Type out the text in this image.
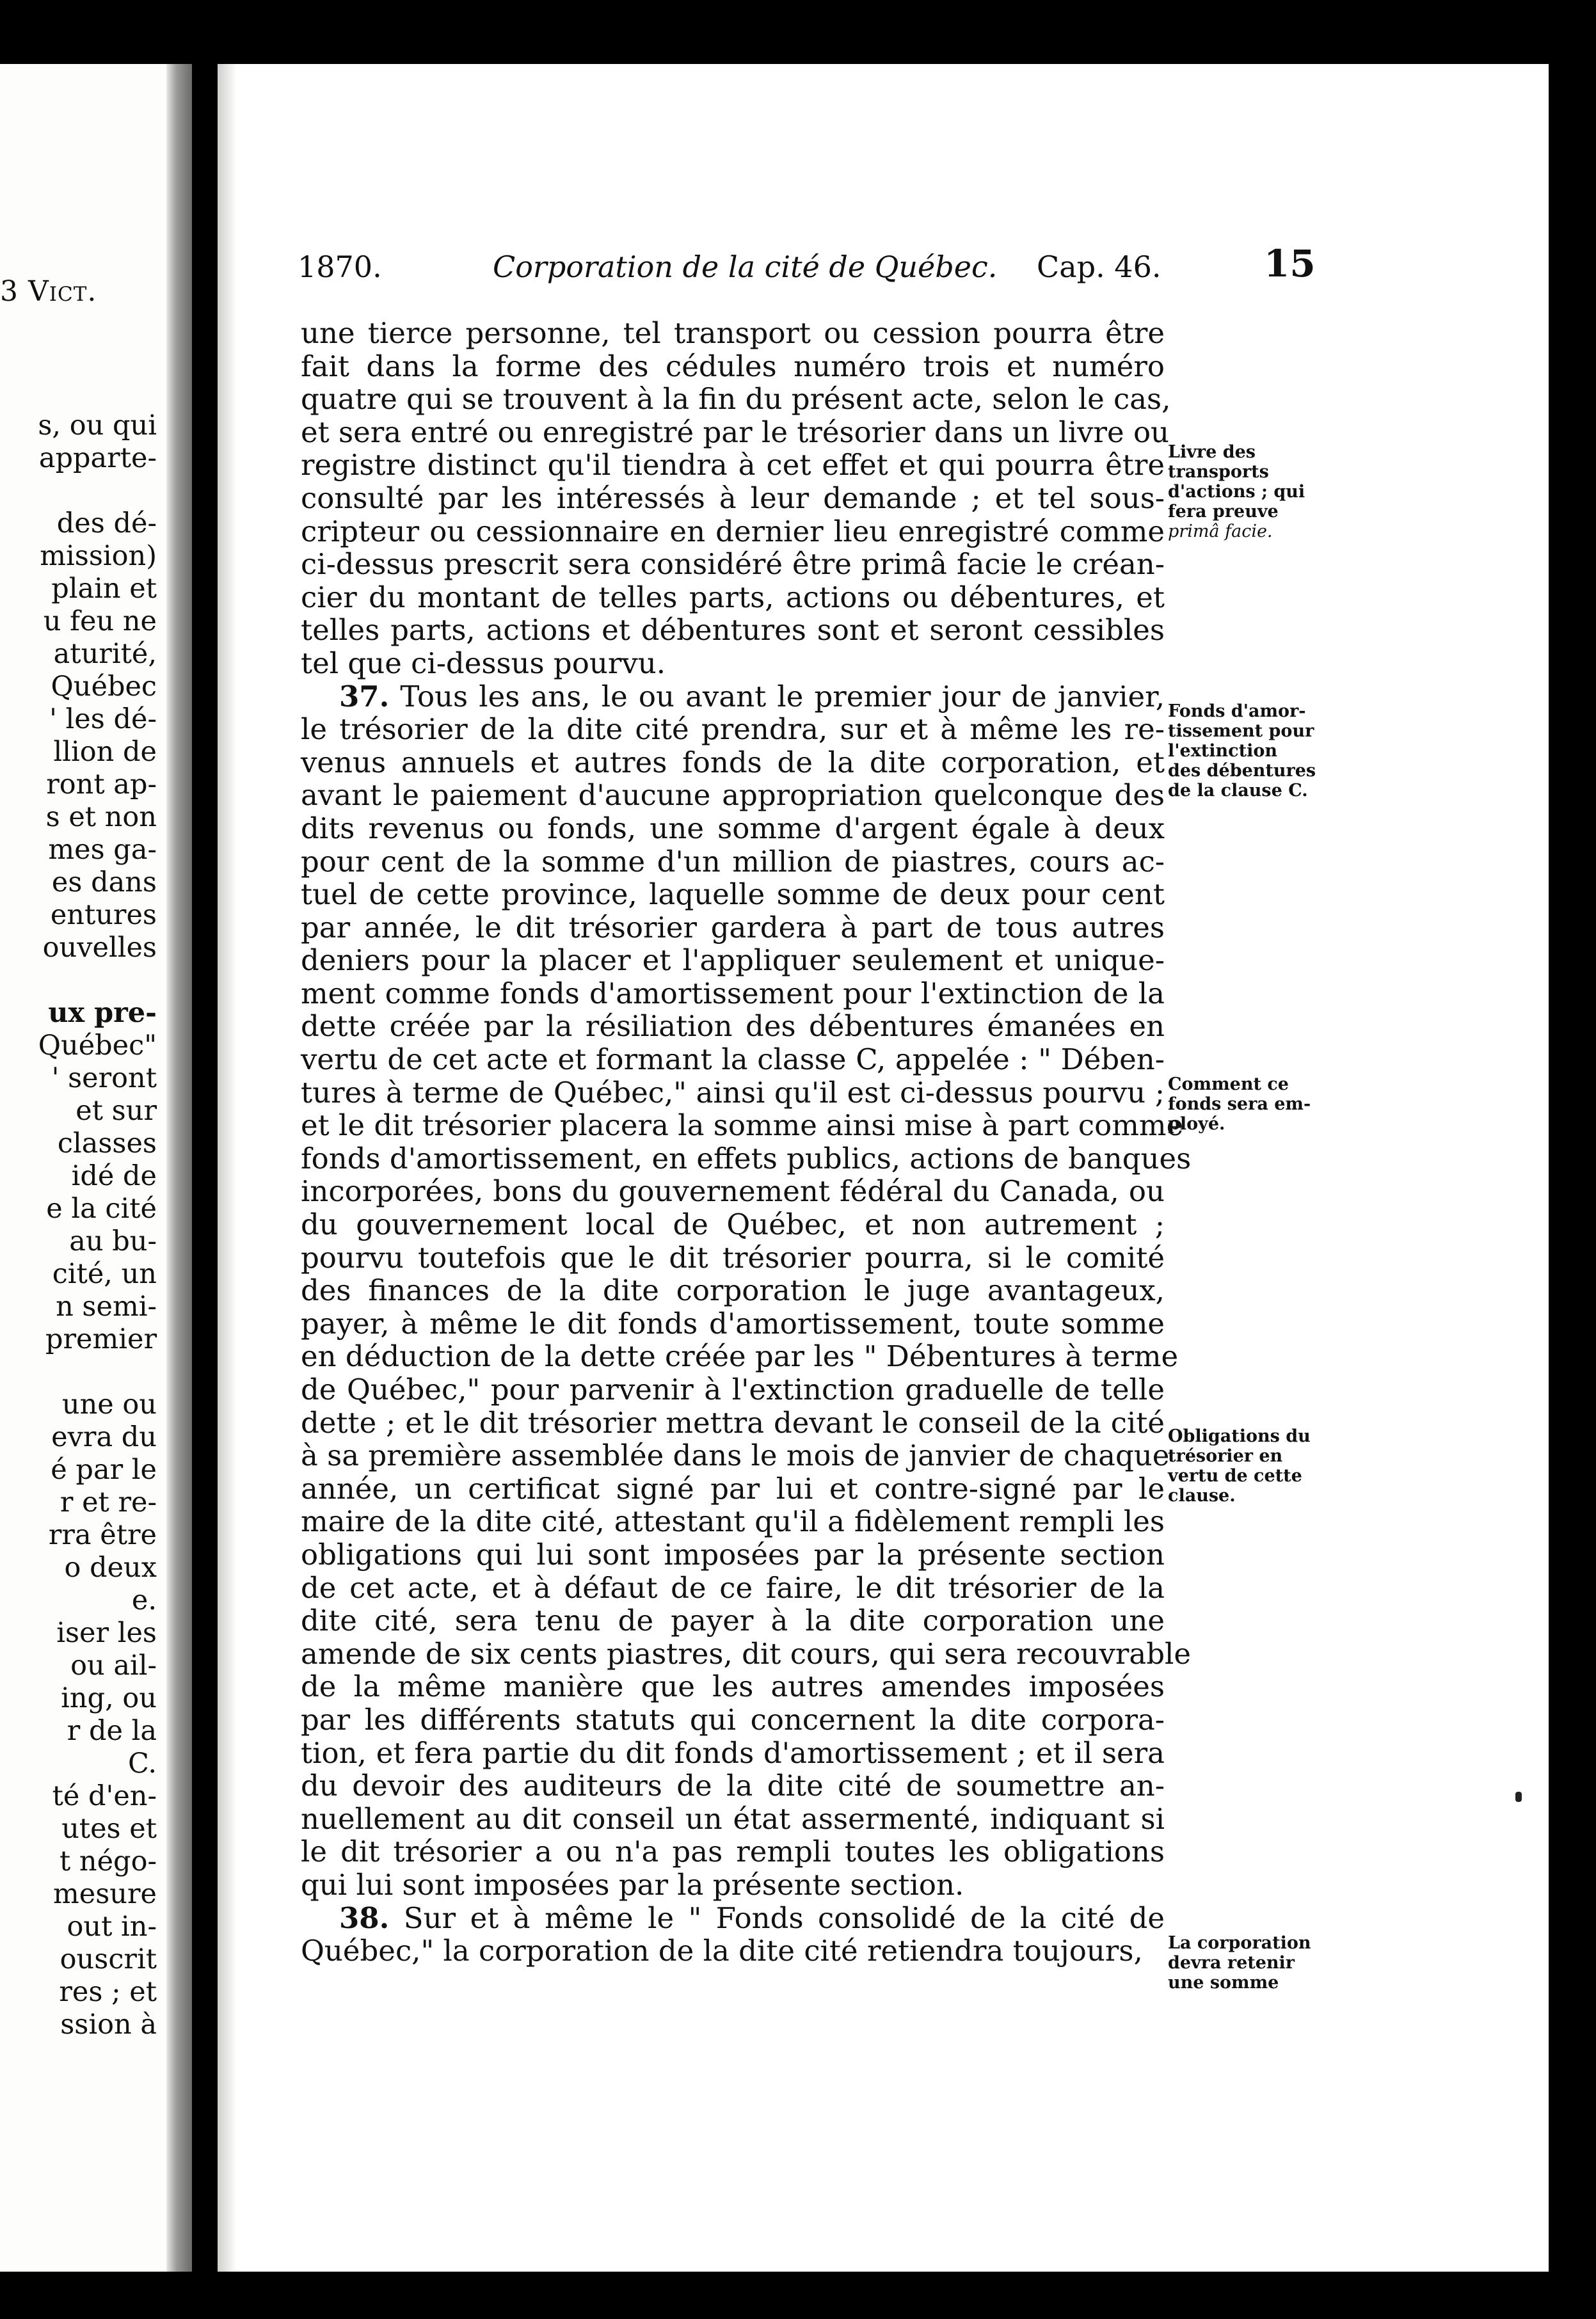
3 Vict.
s, ou qui
apparte-
des dé-
mission)
plain et
u feu ne
aturité,
Québec
' les dé-
llion de
ront ap-
s et non
mes ga-
es dans
entures
ouvelles
ux pre-
Québec"
' seront
et sur
classes
idé de
e la cité
au bu-
cité, un
n semi-
premier
une ou
evra du
é par le
r et re-
rra être
o deux
e.
iser les
ou ail-
ing, ou
r de la
C.
té d'en-
utes et
t négo-
mesure
out in-
ouscrit
res ; et
ssion à
1870.	Corporation de la cité de Québec. Cap. 46.	15
une tierce personne, tel transport ou cession pourra être
fait dans la forme des cédules numéro trois et numéro
quatre qui se trouvent à la fin du présent acte, selon le cas,
et sera entré ou enregistré par le trésorier dans un livre ou
registre distinct qu'il tiendra à cet effet et qui pourra être
consulté par les intéressés à leur demande ; et tel sous-
cripteur ou cessionnaire en dernier lieu enregistré comme
ci-dessus prescrit sera considéré être primâ facie le créan-
cier du montant de telles parts, actions ou débentures, et
telles parts, actions et débentures sont et seront cessibles
tel que ci-dessus pourvu.
37. Tous les ans, le ou avant le premier jour de janvier,
le trésorier de la dite cité prendra, sur et à même les re-
venus annuels et autres fonds de la dite corporation, et
avant le paiement d'aucune appropriation quelconque des
dits revenus ou fonds, une somme d'argent égale à deux
pour cent de la somme d'un million de piastres, cours ac-
tuel de cette province, laquelle somme de deux pour cent
par année, le dit trésorier gardera à part de tous autres
deniers pour la placer et l'appliquer seulement et unique-
ment comme fonds d'amortissement pour l'extinction de la
dette créée par la résiliation des débentures émanées en
vertu de cet acte et formant la classe C, appelée : " Dében-
tures à terme de Québec," ainsi qu'il est ci-dessus pourvu ;
et le dit trésorier placera la somme ainsi mise à part comme
fonds d'amortissement, en effets publics, actions de banques
incorporées, bons du gouvernement fédéral du Canada, ou
du gouvernement local de Québec, et non autrement ;
pourvu toutefois que le dit trésorier pourra, si le comité
des finances de la dite corporation le juge avantageux,
payer, à même le dit fonds d'amortissement, toute somme
en déduction de la dette créée par les " Débentures à terme
de Québec," pour parvenir à l'extinction graduelle de telle
dette ; et le dit trésorier mettra devant le conseil de la cité
à sa première assemblée dans le mois de janvier de chaque
année, un certificat signé par lui et contre-signé par le
maire de la dite cité, attestant qu'il a fidèlement rempli les
obligations qui lui sont imposées par la présente section
de cet acte, et à défaut de ce faire, le dit trésorier de la
dite cité, sera tenu de payer à la dite corporation une
amende de six cents piastres, dit cours, qui sera recouvrable
de la même manière que les autres amendes imposées
par les différents statuts qui concernent la dite corpora-
tion, et fera partie du dit fonds d'amortissement ; et il sera
du devoir des auditeurs de la dite cité de soumettre an-
nuellement au dit conseil un état assermenté, indiquant si
le dit trésorier a ou n'a pas rempli toutes les obligations
qui lui sont imposées par la présente section.
38. Sur et à même le " Fonds consolidé de la cité de
Québec," la corporation de la dite cité retiendra toujours,

Livre des
transports
d'actions ; qui
fera preuve
primâ facie.

Fonds d'amor-
tissement pour
l'extinction
des débentures
de la clause C.

Comment ce
fonds sera em-
ployé.

Obligations du
trésorier en
vertu de cette
clause.

La corporation
devra retenir
une somme
